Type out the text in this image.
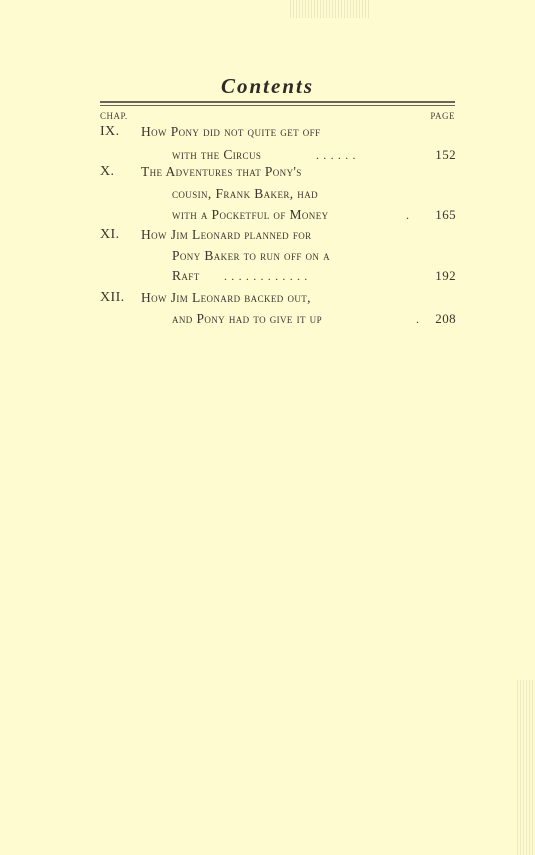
Contents
CHAP.	PAGE
IX. How Pony did not quite get off
with the Circus	......	152
X. The Adventures that Pony's
cousin, Frank Baker, had
with a Pocketful of Money	. 165
XI. How Jim Leonard planned for
Pony Baker to run off on a
Raft ............	192
XII. How Jim Leonard backed out,
and Pony had to give it up	. 208
